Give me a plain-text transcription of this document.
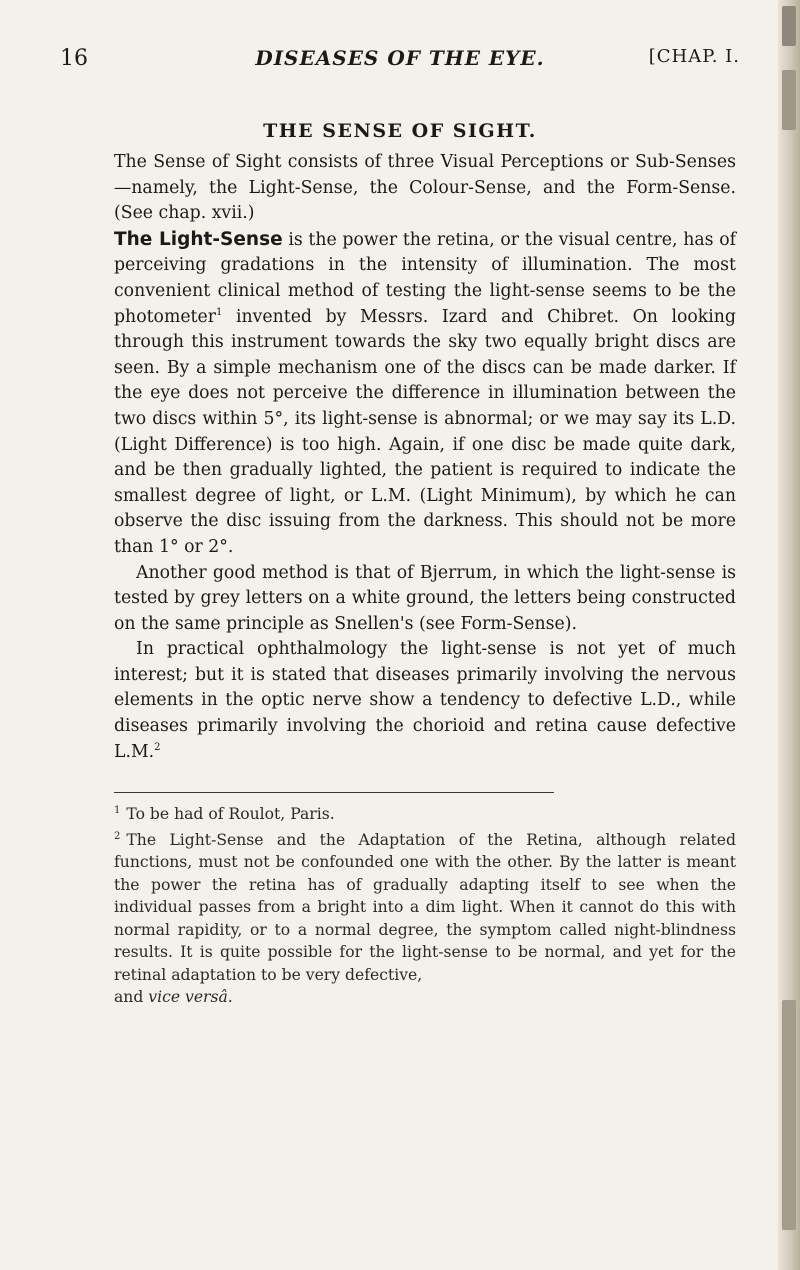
16	DISEASES OF THE EYE.	[CHAP. I.
THE SENSE OF SIGHT.

The Sense of Sight consists of three Visual Perceptions or Sub-Senses—namely, the Light-Sense, the Colour-Sense, and the Form-Sense. (See chap. xvii.)

The Light-Sense is the power the retina, or the visual centre, has of perceiving gradations in the intensity of illumination. The most convenient clinical method of testing the light-sense seems to be the photometer$^1$ invented by Messrs. Izard and Chibret. On looking through this instrument towards the sky two equally bright discs are seen. By a simple mechanism one of the discs can be made darker. If the eye does not perceive the difference in illumination between the two discs within 5°, its light-sense is abnormal; or we may say its L.D. (Light Difference) is too high. Again, if one disc be made quite dark, and be then gradually lighted, the patient is required to indicate the smallest degree of light, or L.M. (Light Minimum), by which he can observe the disc issuing from the darkness. This should not be more than 1° or 2°.

Another good method is that of Bjerrum, in which the light-sense is tested by grey letters on a white ground, the letters being constructed on the same principle as Snellen's (see Form-Sense).

In practical ophthalmology the light-sense is not yet of much interest; but it is stated that diseases primarily involving the nervous elements in the optic nerve show a tendency to defective L.D., while diseases primarily involving the chorioid and retina cause defective L.M.$^2$

$^1$ To be had of Roulot, Paris.

$^2$ The Light-Sense and the Adaptation of the Retina, although related functions, must not be confounded one with the other. By the latter is meant the power the retina has of gradually adapting itself to see when the individual passes from a bright into a dim light. When it cannot do this with normal rapidity, or to a normal degree, the symptom called night-blindness results. It is quite possible for the light-sense to be normal, and yet for the retinal adaptation to be very defective,

and vice versâ.
